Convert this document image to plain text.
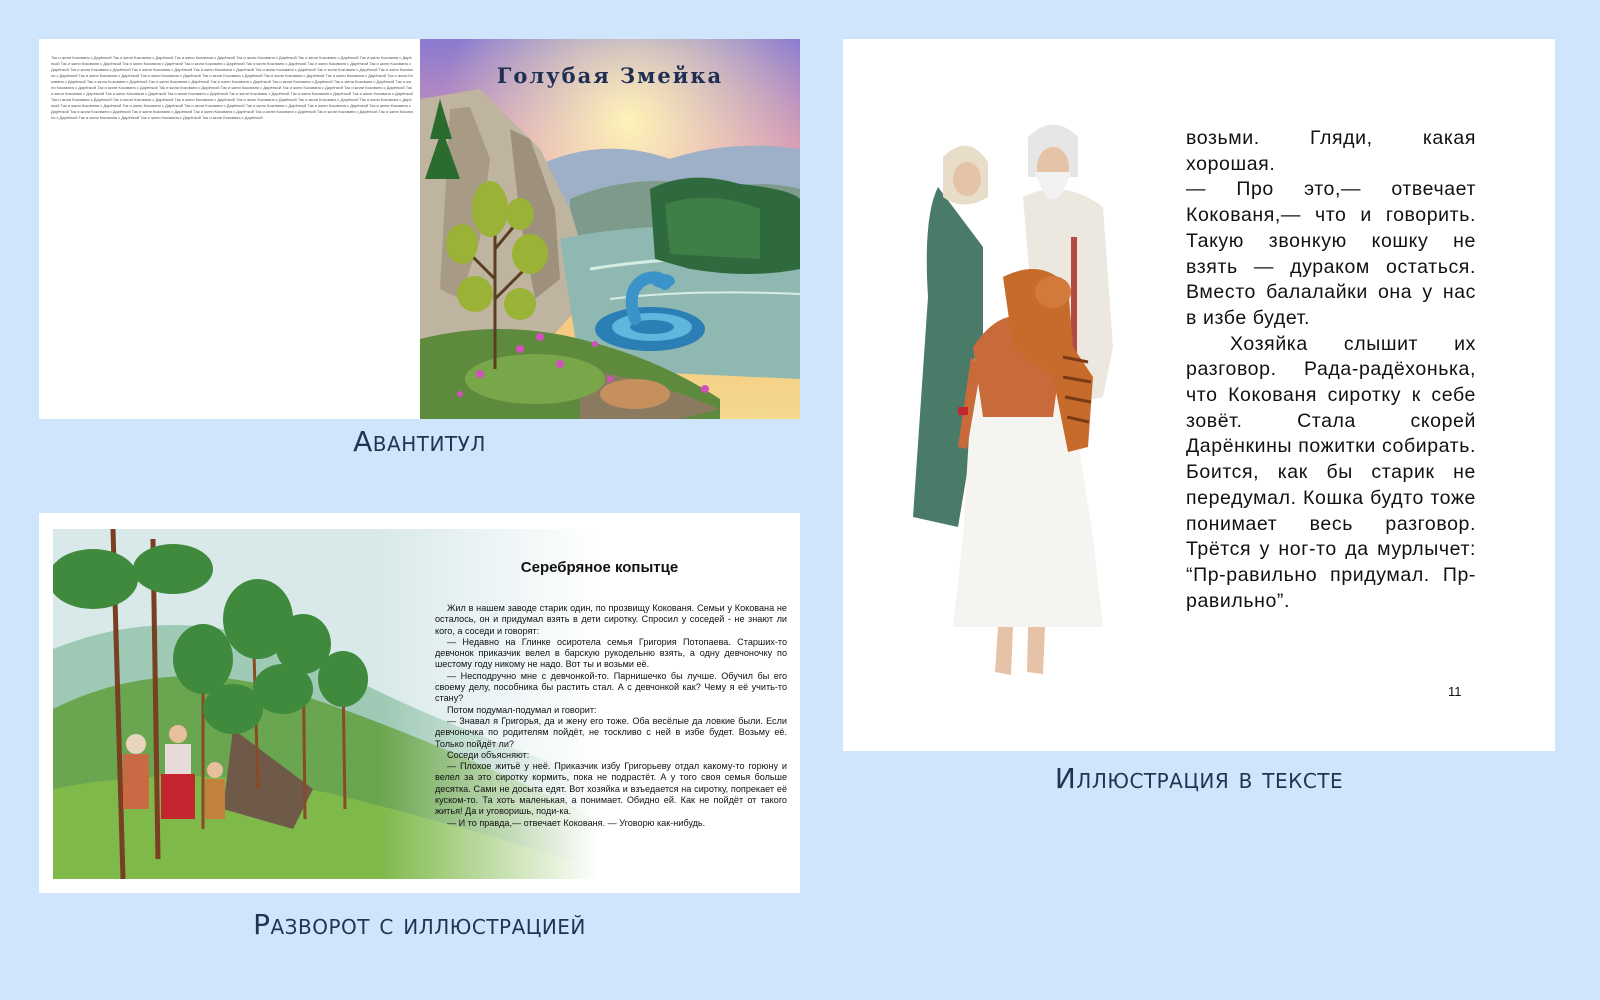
Так и жили Кокованя с Дарёнкой Так и жили Кокованя с Дарёнкой Так и жили Кокованя с Дарёнкой Так и жили Кокованя с Дарёнкой Так и жили Кокованя с Дарёнкой Так и жили Кокованя с Дарёнкой Так и жили Кокованя с Дарёнкой Так и жили Кокованя с Дарёнкой Так и жили Кокованя с Дарёнкой Так и жили Кокованя с Дарёнкой Так и жили Кокованя с Дарёнкой Так и жили Кокованя с Дарёнкой Так и жили Кокованя с Дарёнкой Так и жили Кокованя с Дарёнкой Так и жили Кокованя с Дарёнкой Так и жили Кокованя с Дарёнкой Так и жили Кокованя с Дарёнкой Так и жили Кокованя с Дарёнкой Так и жили Кокованя с Дарёнкой Так и жили Кокованя с Дарёнкой Так и жили Кокованя с Дарёнкой Так и жили Кокованя с Дарёнкой Так и жили Кокованя с Дарёнкой Так и жили Кокованя с Дарёнкой Так и жили Кокованя с Дарёнкой Так и жили Кокованя с Дарёнкой Так и жили Кокованя с Дарёнкой Так и жили Кокованя с Дарёнкой Так и жили Кокованя с Дарёнкой Так и жили Кокованя с Дарёнкой Так и жили Кокованя с Дарёнкой Так и жили Кокованя с Дарёнкой Так и жили Кокованя с Дарёнкой Так и жили Кокованя с Дарёнкой Так и жили Кокованя с Дарёнкой Так и жили Кокованя с Дарёнкой Так и жили Кокованя с Дарёнкой Так и жили Кокованя с Дарёнкой Так и жили Кокованя с Дарёнкой Так и жили Кокованя с Дарёнкой Так и жили Кокованя с Дарёнкой Так и жили Кокованя с Дарёнкой Так и жили Кокованя с Дарёнкой Так и жили Кокованя с Дарёнкой Так и жили Кокованя с Дарёнкой Так и жили Кокованя с Дарёнкой Так и жили Кокованя с Дарёнкой Так и жили Кокованя с Дарёнкой Так и жили Кокованя с Дарёнкой Так и жили Кокованя с Дарёнкой Так и жили Кокованя с Дарёнкой Так и жили Кокованя с Дарёнкой Так и жили Кокованя с Дарёнкой Так и жили Кокованя с Дарёнкой Так и жили Кокованя с Дарёнкой Так и жили Кокованя с Дарёнкой Так и жили Кокованя с Дарёнкой Так и жили Кокованя с Дарёнкой Так и жили Кокованя с Дарёнкой Так и жили Кокованя с Дарёнкой Так и жили Кокованя с Дарёнкой Так и жили Кокованя с Дарёнкой
Голубая Змейка
Авантитул
Серебряное копытце

Жил в нашем заводе старик один, по прозвищу Кокованя. Семьи у Кокована не осталось, он и придумал взять в дети сиротку. Спросил у соседей - не знают ли кого, а соседи и говорят:

— Недавно на Глинке осиротела семья Григория Потопаева. Старших-то девчонок приказчик велел в барскую рукодельню взять, а одну девчоночку по шестому году никому не надо. Вот ты и возьми её.

— Несподручно мне с девчонкой-то. Парнишечко бы лучше. Обучил бы его своему делу, пособника бы растить стал. А с девчонкой как? Чему я её учить-то стану?

Потом подумал-подумал и говорит:

— Знавал я Григорья, да и жену его тоже. Оба весёлые да ловкие были. Если девчоночка по родителям пойдёт, не тоскливо с ней в избе будет. Возьму её. Только пойдёт ли?

Соседи объясняют:

— Плохое житьё у неё. Приказчик избу Григорьеву отдал какому-то горюну и велел за это сиротку кормить, пока не подрастёт. А у того своя семья больше десятка. Сами не досыта едят. Вот хозяйка и взъедается на сиротку, попрекает её куском-то. Та хоть маленькая, а понимает. Обидно ей. Как не пойдёт от такого житья! Да и уговоришь, поди-ка.

— И то правда,— отвечает Кокованя. — Уговорю как-нибудь.

Разворот с иллюстрацией

возьми. Гляди, какая хорошая.

— Про это,— отвечает Кокованя,— что и говорить. Такую звонкую кошку не взять — дураком остаться. Вместо балалайки она у нас в избе будет.

Хозяйка слышит их разговор. Рада-радёхонька, что Кокованя сиротку к себе зовёт. Стала скорей Дарёнкины пожитки собирать. Боится, как бы старик не передумал. Кошка будто тоже понимает весь разговор. Трётся у ног-то да мурлычет: “Пр-равильно придумал. Пр-равильно”.

11
Иллюстрация в тексте
